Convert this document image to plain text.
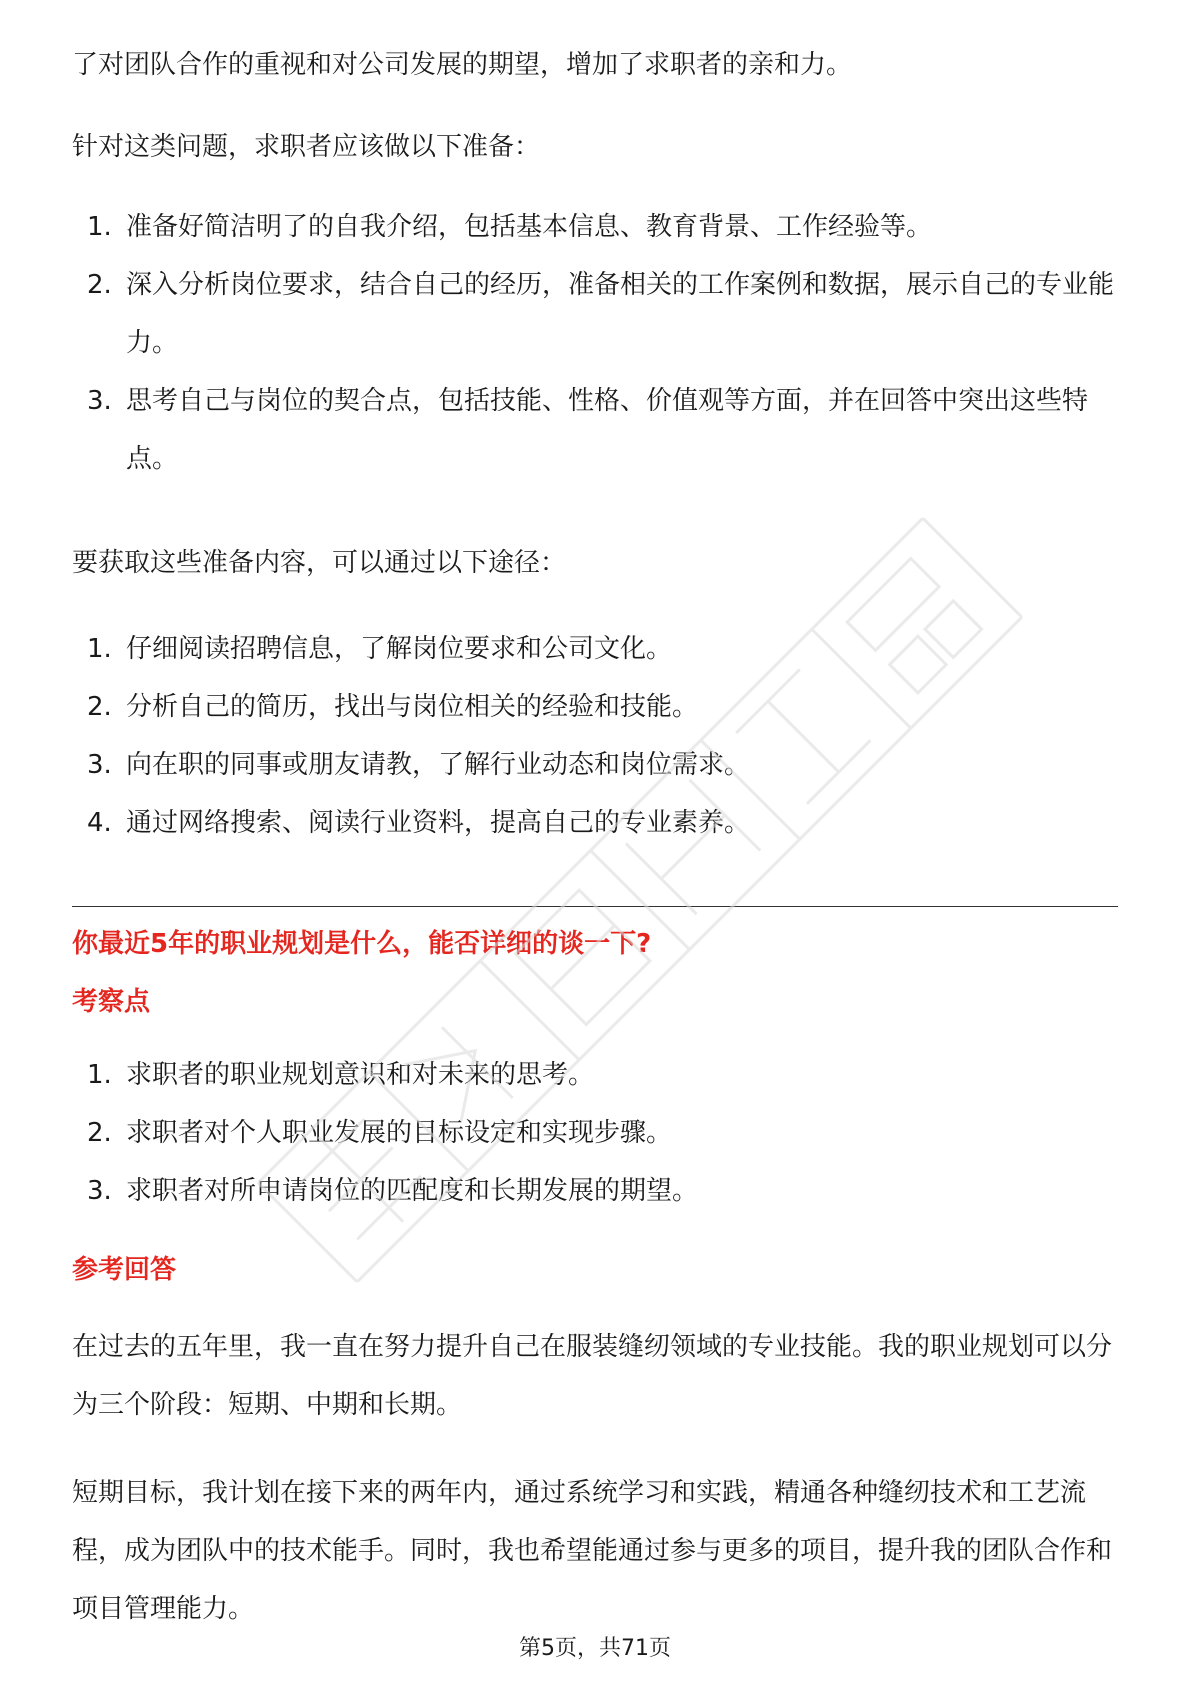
了对团队合作的重视和对公司发展的期望，增加了求职者的亲和力。

针对这类问题，求职者应该做以下准备：

1. 准备好简洁明了的自我介绍，包括基本信息、教育背景、工作经验等。
2. 深入分析岗位要求，结合自己的经历，准备相关的工作案例和数据，展示自己的专业能力。
3. 思考自己与岗位的契合点，包括技能、性格、价值观等方面，并在回答中突出这些特点。

要获取这些准备内容，可以通过以下途径：

1. 仔细阅读招聘信息，了解岗位要求和公司文化。
2. 分析自己的简历，找出与岗位相关的经验和技能。
3. 向在职的同事或朋友请教，了解行业动态和岗位需求。
4. 通过网络搜索、阅读行业资料，提高自己的专业素养。
你最近5年的职业规划是什么，能否详细的谈一下?
考察点
1. 求职者的职业规划意识和对未来的思考。
2. 求职者对个人职业发展的目标设定和实现步骤。
3. 求职者对所申请岗位的匹配度和长期发展的期望。
参考回答

在过去的五年里，我一直在努力提升自己在服装缝纫领域的专业技能。我的职业规划可以分为三个阶段：短期、中期和长期。

短期目标，我计划在接下来的两年内，通过系统学习和实践，精通各种缝纫技术和工艺流程，成为团队中的技术能手。同时，我也希望能通过参与更多的项目，提升我的团队合作和项目管理能力。

第5页，共71页
